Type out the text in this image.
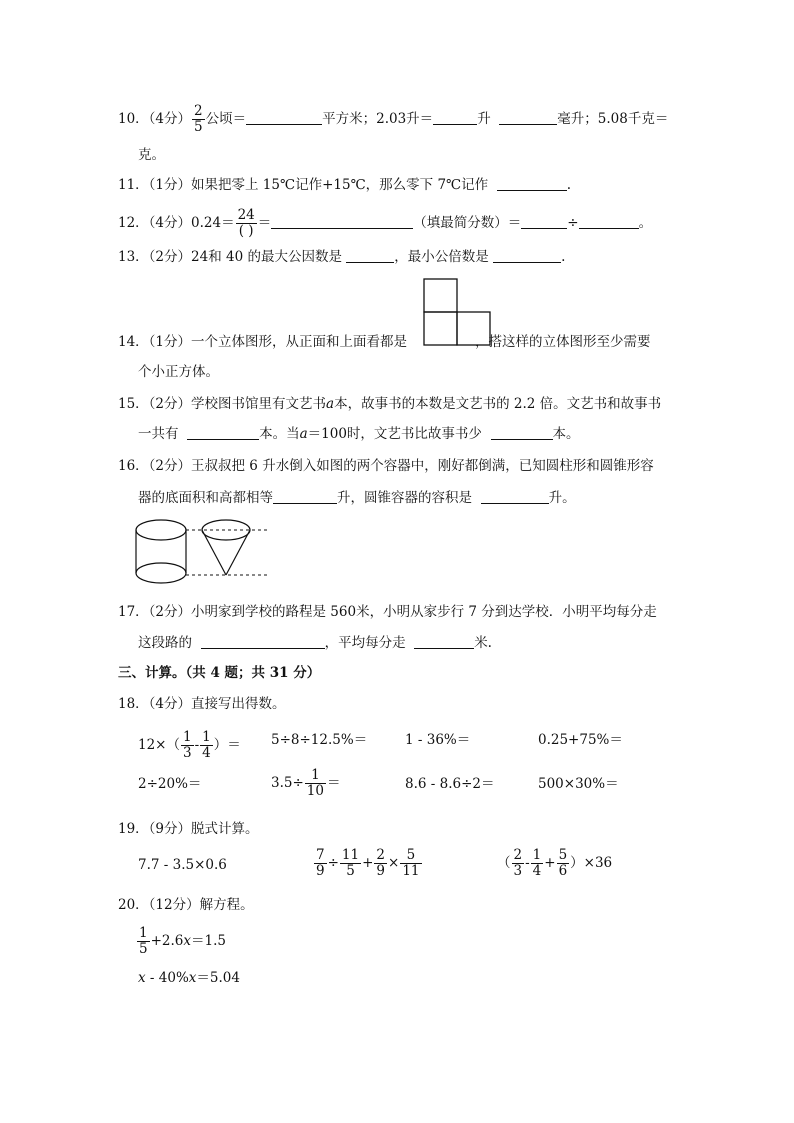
10．（4分） $\frac{2}{5}$ 公顷＝	平方米；2.03升＝	升	毫升；5.08千克＝
克。
11．（1分）如果把零上 15℃记作+15℃，那么零下 7℃记作	.
12．（4分）$0.24= \frac{24}{( )}$ ＝	（填最简分数）＝	÷	。
13．（2分）24和 40 的最大公因数是	，最小公倍数是	.
14．（1分）一个立体图形，从正面和上面看都是	，搭这样的立体图形至少需要
个小正方体。
15．（2分）学校图书馆里有文艺书a本，故事书的本数是文艺书的 2.2 倍。文艺书和故事书
一共有	本。当a＝100时，文艺书比故事书少	本。
16．（2分）王叔叔把 6 升水倒入如图的两个容器中，刚好都倒满，已知圆柱形和圆锥形容
器的底面积和高都相等	升，圆锥容器的容积是	升。
17．（2分）小明家到学校的路程是 560米，小明从家步行 7 分到达学校．小明平均每分走
这段路的	，平均每分走	米.
三、计算。（共 4 题；共 31 分）
18．（4分）直接写出得数。
$12\times( \frac{1}{3} - \frac{1}{4}$ ）＝ 5÷8÷12.5%＝	1 - 36%＝	0.25+75%＝
2÷20%＝	$3.5\div \frac{1}{10}$ ＝	8.6 - 8.6÷2＝	500×30%＝
19．（9分）脱式计算。
7.7 - 3.5×0.6	$\frac{7}{9} \div \frac{11}{5} + \frac{2}{9} \times \frac{5}{11}$	（ $\frac{2}{3} - \frac{1}{4} + \frac{5}{6} )\times 36$
20．（12分）解方程。
$\frac{1}{5} +2.6x=1.5$
x - 40%x＝5.04
